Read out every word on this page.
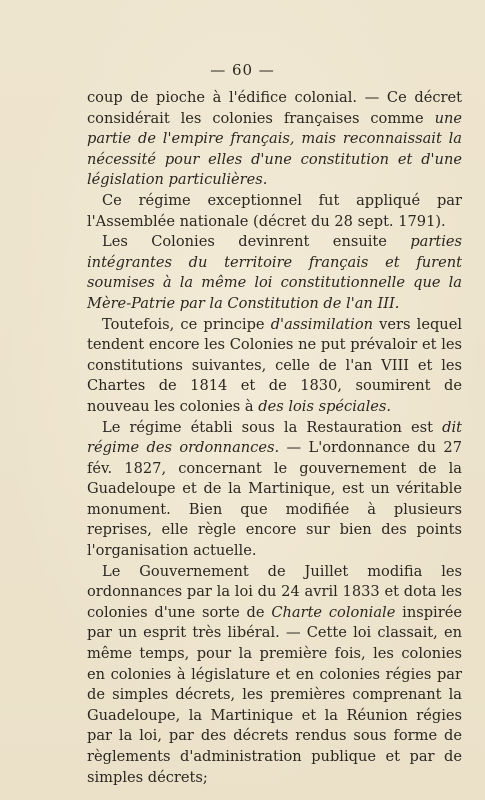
— 60 —

coup de pioche à l'édifice colonial. — Ce décret considérait les colonies françaises comme une partie de l'empire français, mais reconnaissait la nécessité pour elles d'une constitution et d'une législation particulières.

Ce régime exceptionnel fut appliqué par l'Assemblée nationale (décret du 28 sept. 1791).

Les Colonies devinrent ensuite parties intégrantes du territoire français et furent soumises à la même loi constitutionnelle que la Mère-Patrie par la Constitution de l'an III.

Toutefois, ce principe d'assimilation vers lequel tendent encore les Colonies ne put prévaloir et les constitutions suivantes, celle de l'an VIII et les Chartes de 1814 et de 1830, soumirent de nouveau les colonies à des lois spéciales.

Le régime établi sous la Restauration est dit régime des ordonnances. — L'ordonnance du 27 fév. 1827, concernant le gouvernement de la Guadeloupe et de la Martinique, est un véritable monument. Bien que modifiée à plusieurs reprises, elle règle encore sur bien des points l'organisation actuelle.

Le Gouvernement de Juillet modifia les ordonnances par la loi du 24 avril 1833 et dota les colonies d'une sorte de Charte coloniale inspirée par un esprit très libéral. — Cette loi classait, en même temps, pour la première fois, les colonies en colonies à législature et en colonies régies par de simples décrets, les premières comprenant la Guadeloupe, la Martinique et la Réunion régies par la loi, par des décrets rendus sous forme de règlements d'administration publique et par de simples décrets;
